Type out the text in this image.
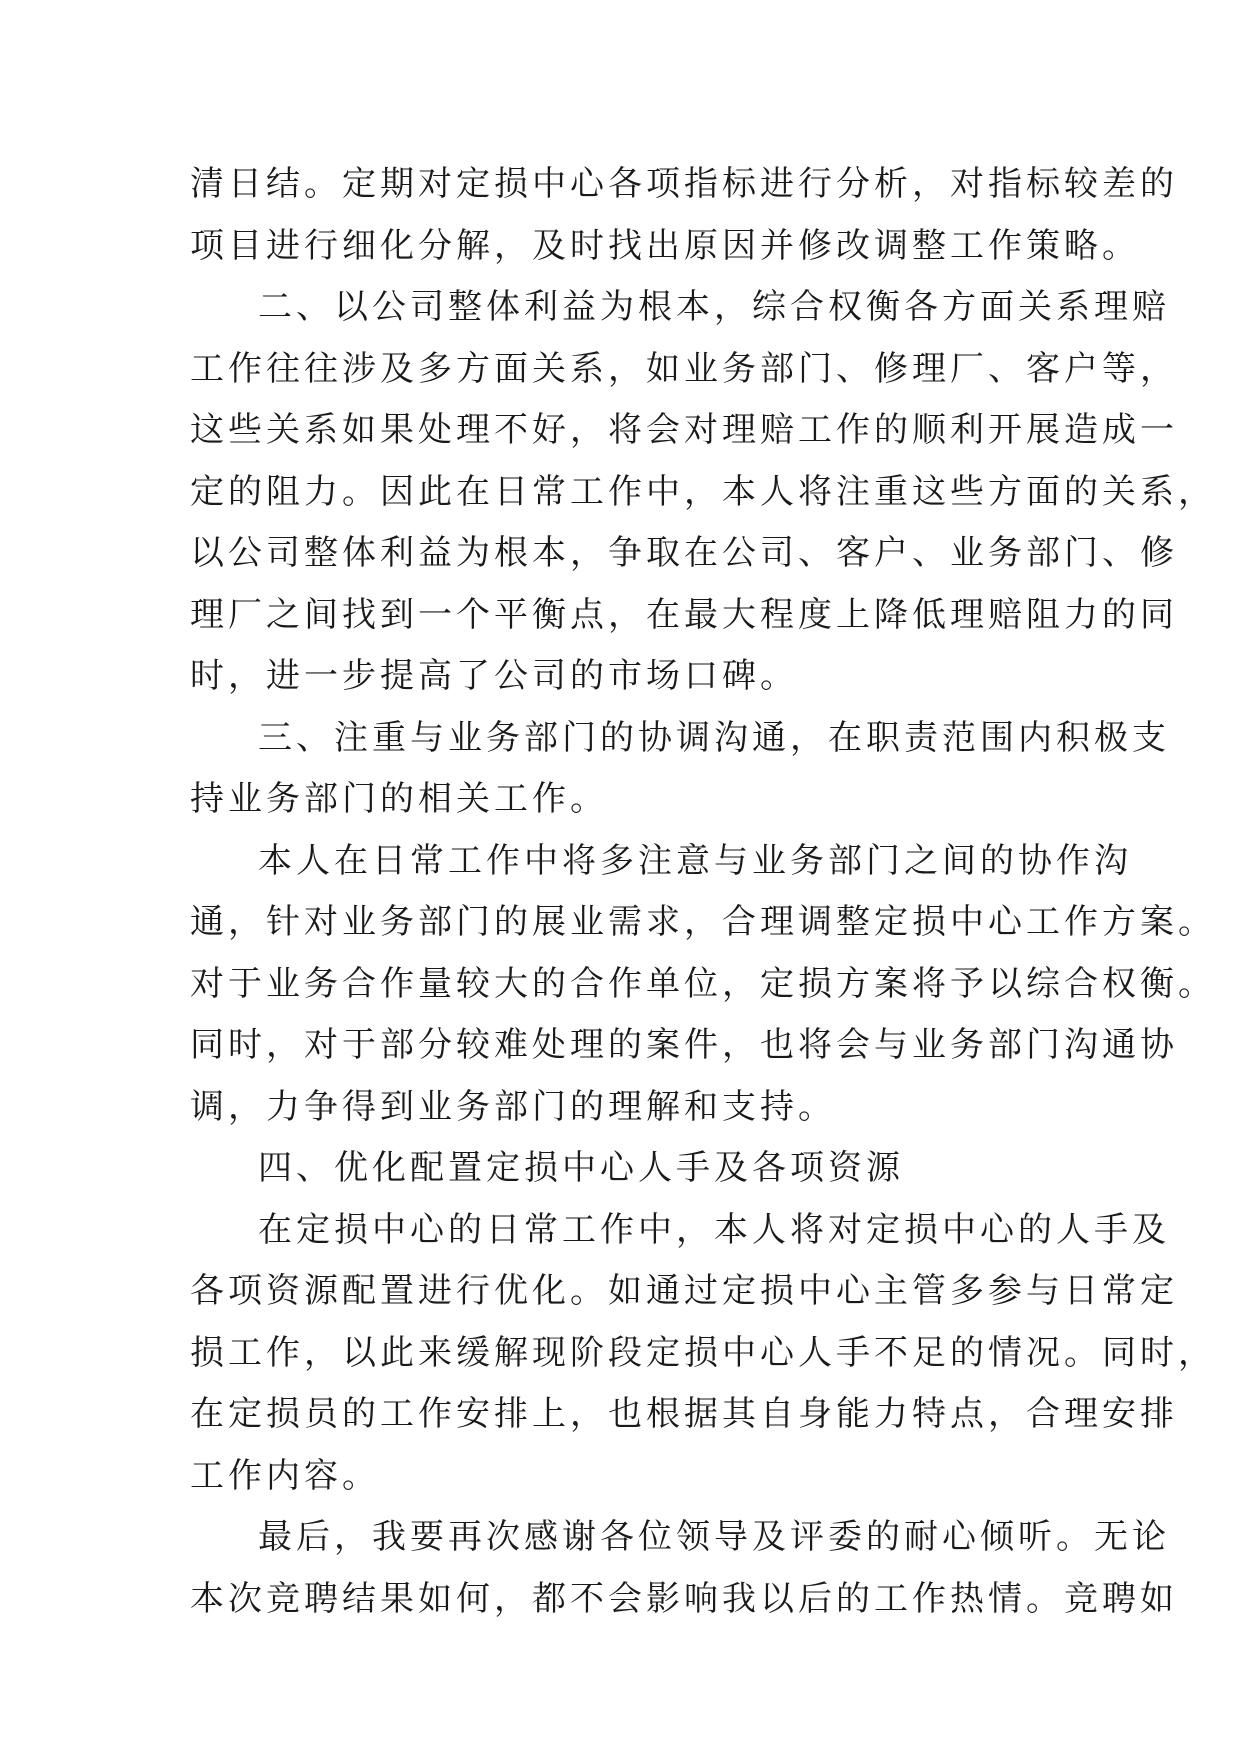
清日结。定期对定损中心各项指标进行分析，对指标较差的
项目进行细化分解，及时找出原因并修改调整工作策略。
二、以公司整体利益为根本，综合权衡各方面关系理赔
工作往往涉及多方面关系，如业务部门、修理厂、客户等，
这些关系如果处理不好，将会对理赔工作的顺利开展造成一
定的阻力。因此在日常工作中，本人将注重这些方面的关系，
以公司整体利益为根本，争取在公司、客户、业务部门、修
理厂之间找到一个平衡点，在最大程度上降低理赔阻力的同
时，进一步提高了公司的市场口碑。
三、注重与业务部门的协调沟通，在职责范围内积极支
持业务部门的相关工作。
本人在日常工作中将多注意与业务部门之间的协作沟
通，针对业务部门的展业需求，合理调整定损中心工作方案。
对于业务合作量较大的合作单位，定损方案将予以综合权衡。
同时，对于部分较难处理的案件，也将会与业务部门沟通协
调，力争得到业务部门的理解和支持。
四、优化配置定损中心人手及各项资源
在定损中心的日常工作中，本人将对定损中心的人手及
各项资源配置进行优化。如通过定损中心主管多参与日常定
损工作，以此来缓解现阶段定损中心人手不足的情况。同时，
在定损员的工作安排上，也根据其自身能力特点，合理安排
工作内容。
最后，我要再次感谢各位领导及评委的耐心倾听。无论
本次竞聘结果如何，都不会影响我以后的工作热情。竞聘如
